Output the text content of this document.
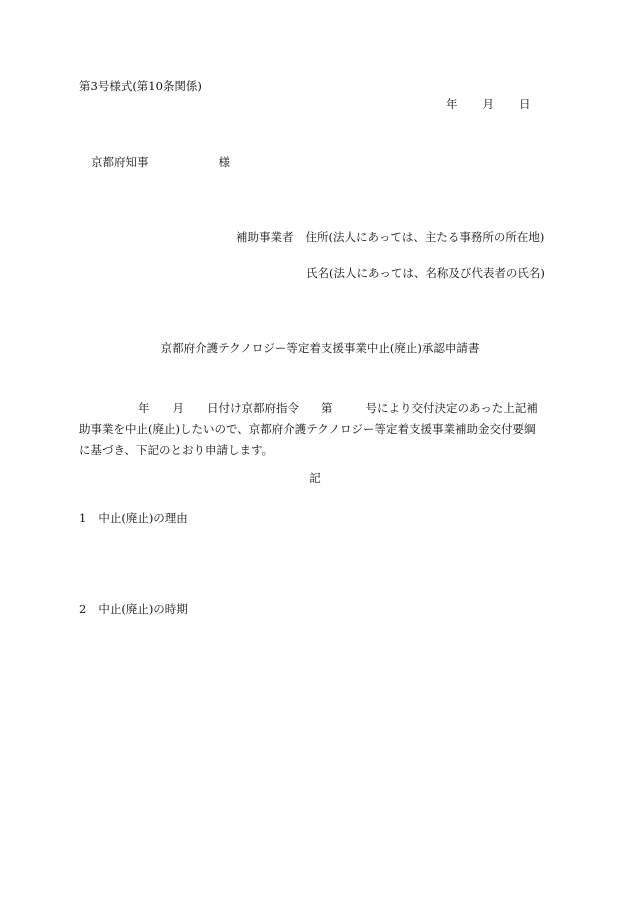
第3号様式(第10条関係)
年 月 日
京都府知事	様
補助事業者 住所(法人にあっては、主たる事務所の所在地)
氏名(法人にあっては、名称及び代表者の氏名)
京都府介護テクノロジー等定着支援事業中止(廃止)承認申請書
年 月 日付け京都府指令 第	号により交付決定のあった上記補
助事業を中止(廃止)したいので、京都府介護テクノロジー等定着支援事業補助金交付要綱
に基づき、下記のとおり申請します。
記
1 中止(廃止)の理由
2 中止(廃止)の時期
